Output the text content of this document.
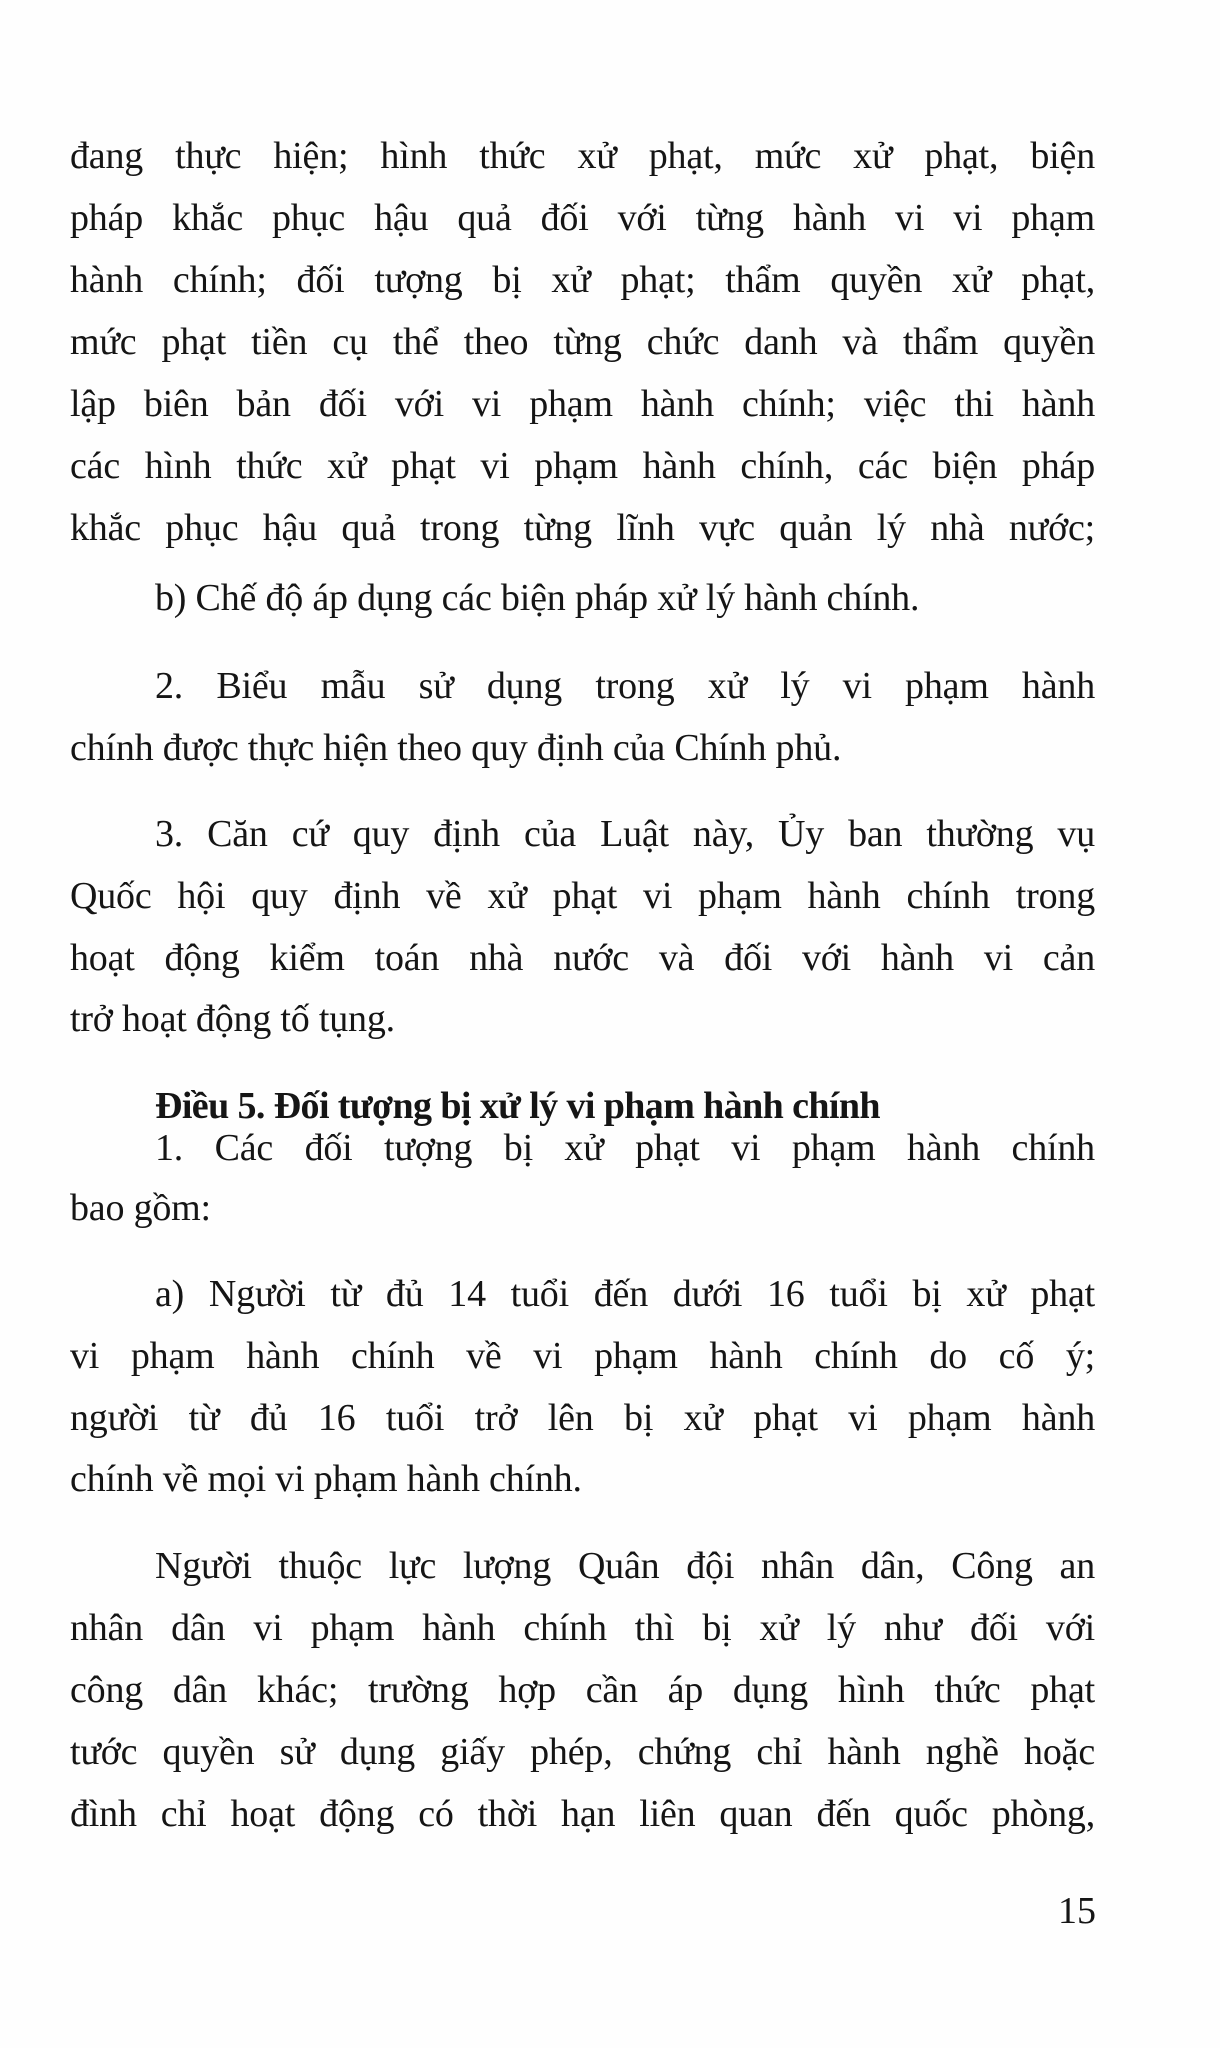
đang thực hiện; hình thức xử phạt, mức xử phạt, biện
pháp khắc phục hậu quả đối với từng hành vi vi phạm
hành chính; đối tượng bị xử phạt; thẩm quyền xử phạt,
mức phạt tiền cụ thể theo từng chức danh và thẩm quyền
lập biên bản đối với vi phạm hành chính; việc thi hành
các hình thức xử phạt vi phạm hành chính, các biện pháp
khắc phục hậu quả trong từng lĩnh vực quản lý nhà nước;
b) Chế độ áp dụng các biện pháp xử lý hành chính.
2. Biểu mẫu sử dụng trong xử lý vi phạm hành
chính được thực hiện theo quy định của Chính phủ.
3. Căn cứ quy định của Luật này, Ủy ban thường vụ
Quốc hội quy định về xử phạt vi phạm hành chính trong
hoạt động kiểm toán nhà nước và đối với hành vi cản
trở hoạt động tố tụng.
Điều 5. Đối tượng bị xử lý vi phạm hành chính
1. Các đối tượng bị xử phạt vi phạm hành chính
bao gồm:
a) Người từ đủ 14 tuổi đến dưới 16 tuổi bị xử phạt
vi phạm hành chính về vi phạm hành chính do cố ý;
người từ đủ 16 tuổi trở lên bị xử phạt vi phạm hành
chính về mọi vi phạm hành chính.
Người thuộc lực lượng Quân đội nhân dân, Công an
nhân dân vi phạm hành chính thì bị xử lý như đối với
công dân khác; trường hợp cần áp dụng hình thức phạt
tước quyền sử dụng giấy phép, chứng chỉ hành nghề hoặc
đình chỉ hoạt động có thời hạn liên quan đến quốc phòng,
15
